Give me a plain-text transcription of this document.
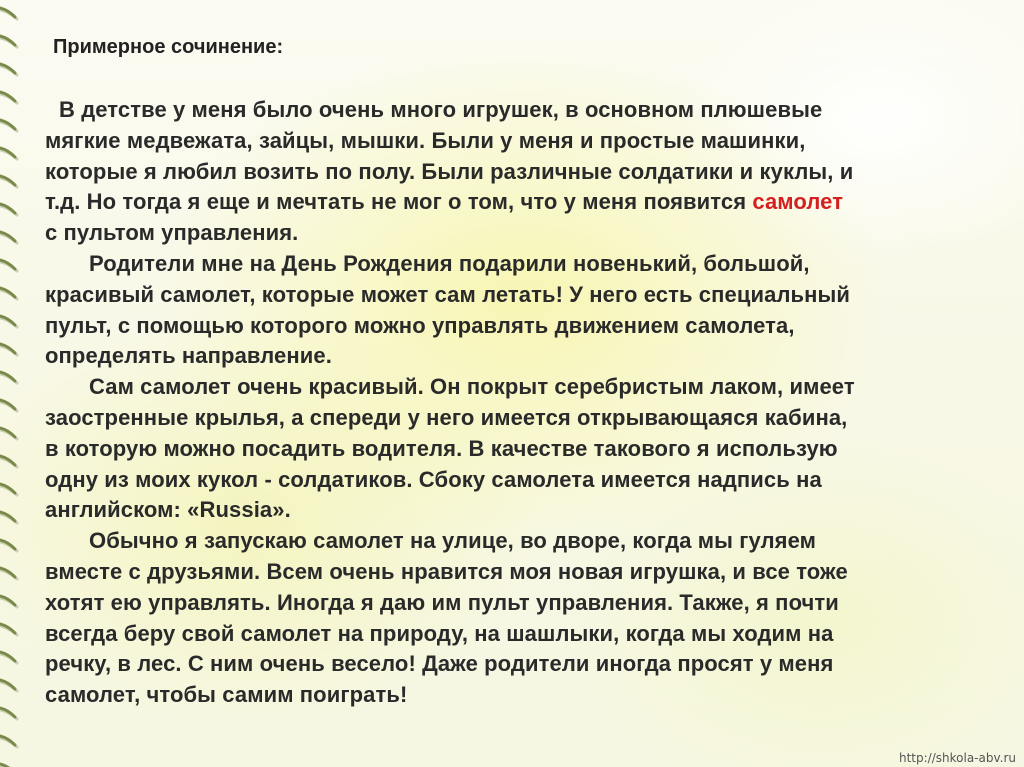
Примерное сочинение:
В детстве у меня было очень много игрушек, в основном плюшевые
мягкие медвежата, зайцы, мышки. Были у меня и простые машинки,
которые я любил возить по полу. Были различные солдатики и куклы, и
т.д. Но тогда я еще и мечтать не мог о том, что у меня появится самолет
с пультом управления.
Родители мне на День Рождения подарили новенький, большой,
красивый самолет, которые может сам летать! У него есть специальный
пульт, с помощью которого можно управлять движением самолета,
определять направление.
Сам самолет очень красивый. Он покрыт серебристым лаком, имеет
заостренные крылья, а спереди у него имеется открывающаяся кабина,
в которую можно посадить водителя. В качестве такового я использую
одну из моих кукол - солдатиков. Сбоку самолета имеется надпись на
английском: «Russia».
Обычно я запускаю самолет на улице, во дворе, когда мы гуляем
вместе с друзьями. Всем очень нравится моя новая игрушка, и все тоже
хотят ею управлять. Иногда я даю им пульт управления. Также, я почти
всегда беру свой самолет на природу, на шашлыки, когда мы ходим на
речку, в лес. С ним очень весело! Даже родители иногда просят у меня
самолет, чтобы самим поиграть!
http://shkola-abv.ru
